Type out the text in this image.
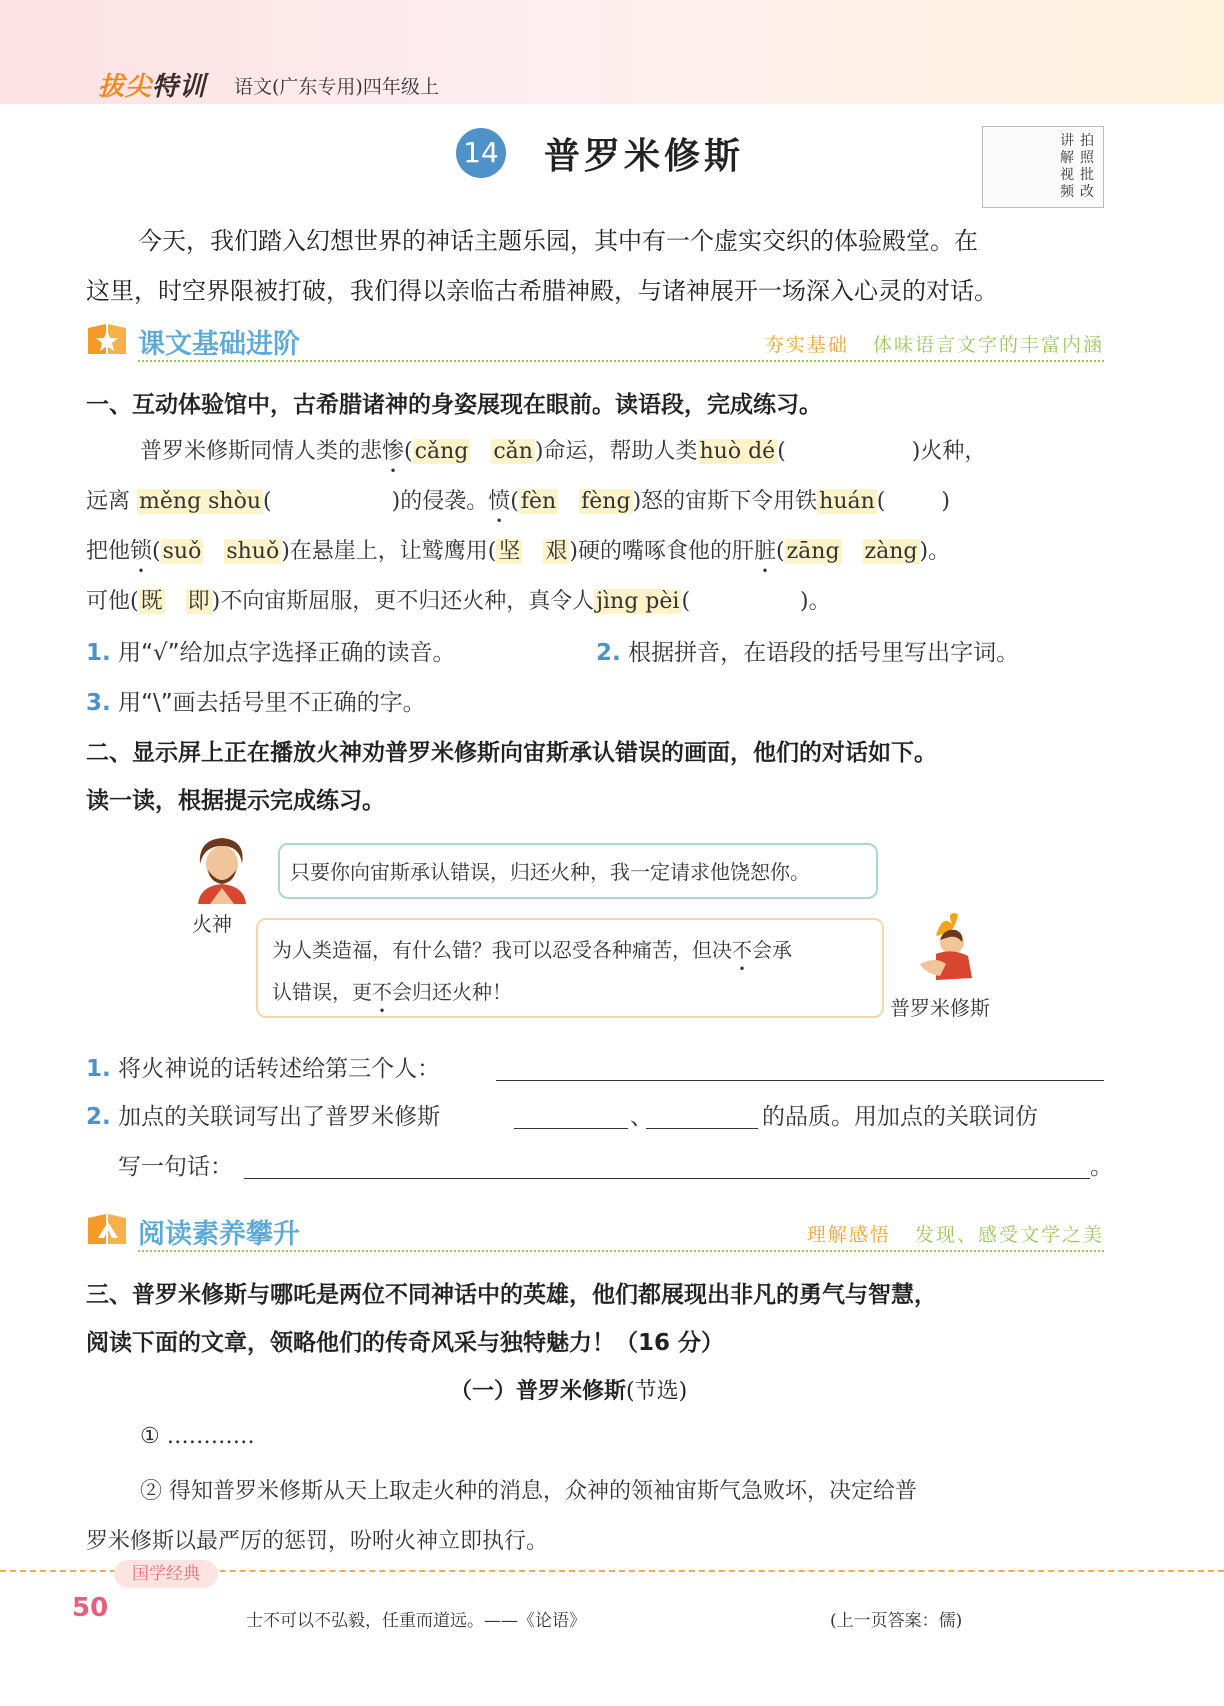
拔尖特训 语文(广东专用)四年级上
14 普罗米修斯	拍照批改
讲解视频

今天，我们踏入幻想世界的神话主题乐园，其中有一个虚实交织的体验殿堂。在

这里，时空界限被打破，我们得以亲临古希腊神殿，与诸神展开一场深入心灵的对话。
课文基础进阶	夯实基础 体味语言文字的丰富内涵
一、互动体验馆中，古希腊诸神的身姿展现在眼前。读语段，完成练习。
普罗米修斯同情人类的悲惨(cǎng cǎn)命运，帮助人类huò dé(	)火种，
远离 měng shòu(	)的侵袭。愤(fèn fèng)怒的宙斯下令用铁huán(	)
把他锁(suǒ shuǒ)在悬崖上，让鹫鹰用(坚 艰)硬的嘴啄食他的肝脏(zāng zàng)。
可他(既 即)不向宙斯屈服，更不归还火种，真令人jìng pèi(	)。
1. 用“√”给加点字选择正确的读音。	2. 根据拼音，在语段的括号里写出字词。
3. 用“\”画去括号里不正确的字。
二、显示屏上正在播放火神劝普罗米修斯向宙斯承认错误的画面，他们的对话如下。
读一读，根据提示完成练习。
火神
只要你向宙斯承认错误，归还火种，我一定请求他饶恕你。
为人类造福，有什么错？我可以忍受各种痛苦，但决不会承
认错误，更不会归还火种！
普罗米修斯
1. 将火神说的话转述给第三个人：
2. 加点的关联词写出了普罗米修斯	、	的品质。用加点的关联词仿
写一句话：	。
阅读素养攀升	理解感悟 发现、感受文学之美
三、普罗米修斯与哪吒是两位不同神话中的英雄，他们都展现出非凡的勇气与智慧，
阅读下面的文章，领略他们的传奇风采与独特魅力！（16 分）
（一）普罗米修斯(节选)
① …………
② 得知普罗米修斯从天上取走火种的消息，众神的领袖宙斯气急败坏，决定给普
罗米修斯以最严厉的惩罚，吩咐火神立即执行。
国学经典
50	士不可以不弘毅，任重而道远。——《论语》	(上一页答案：儒)
